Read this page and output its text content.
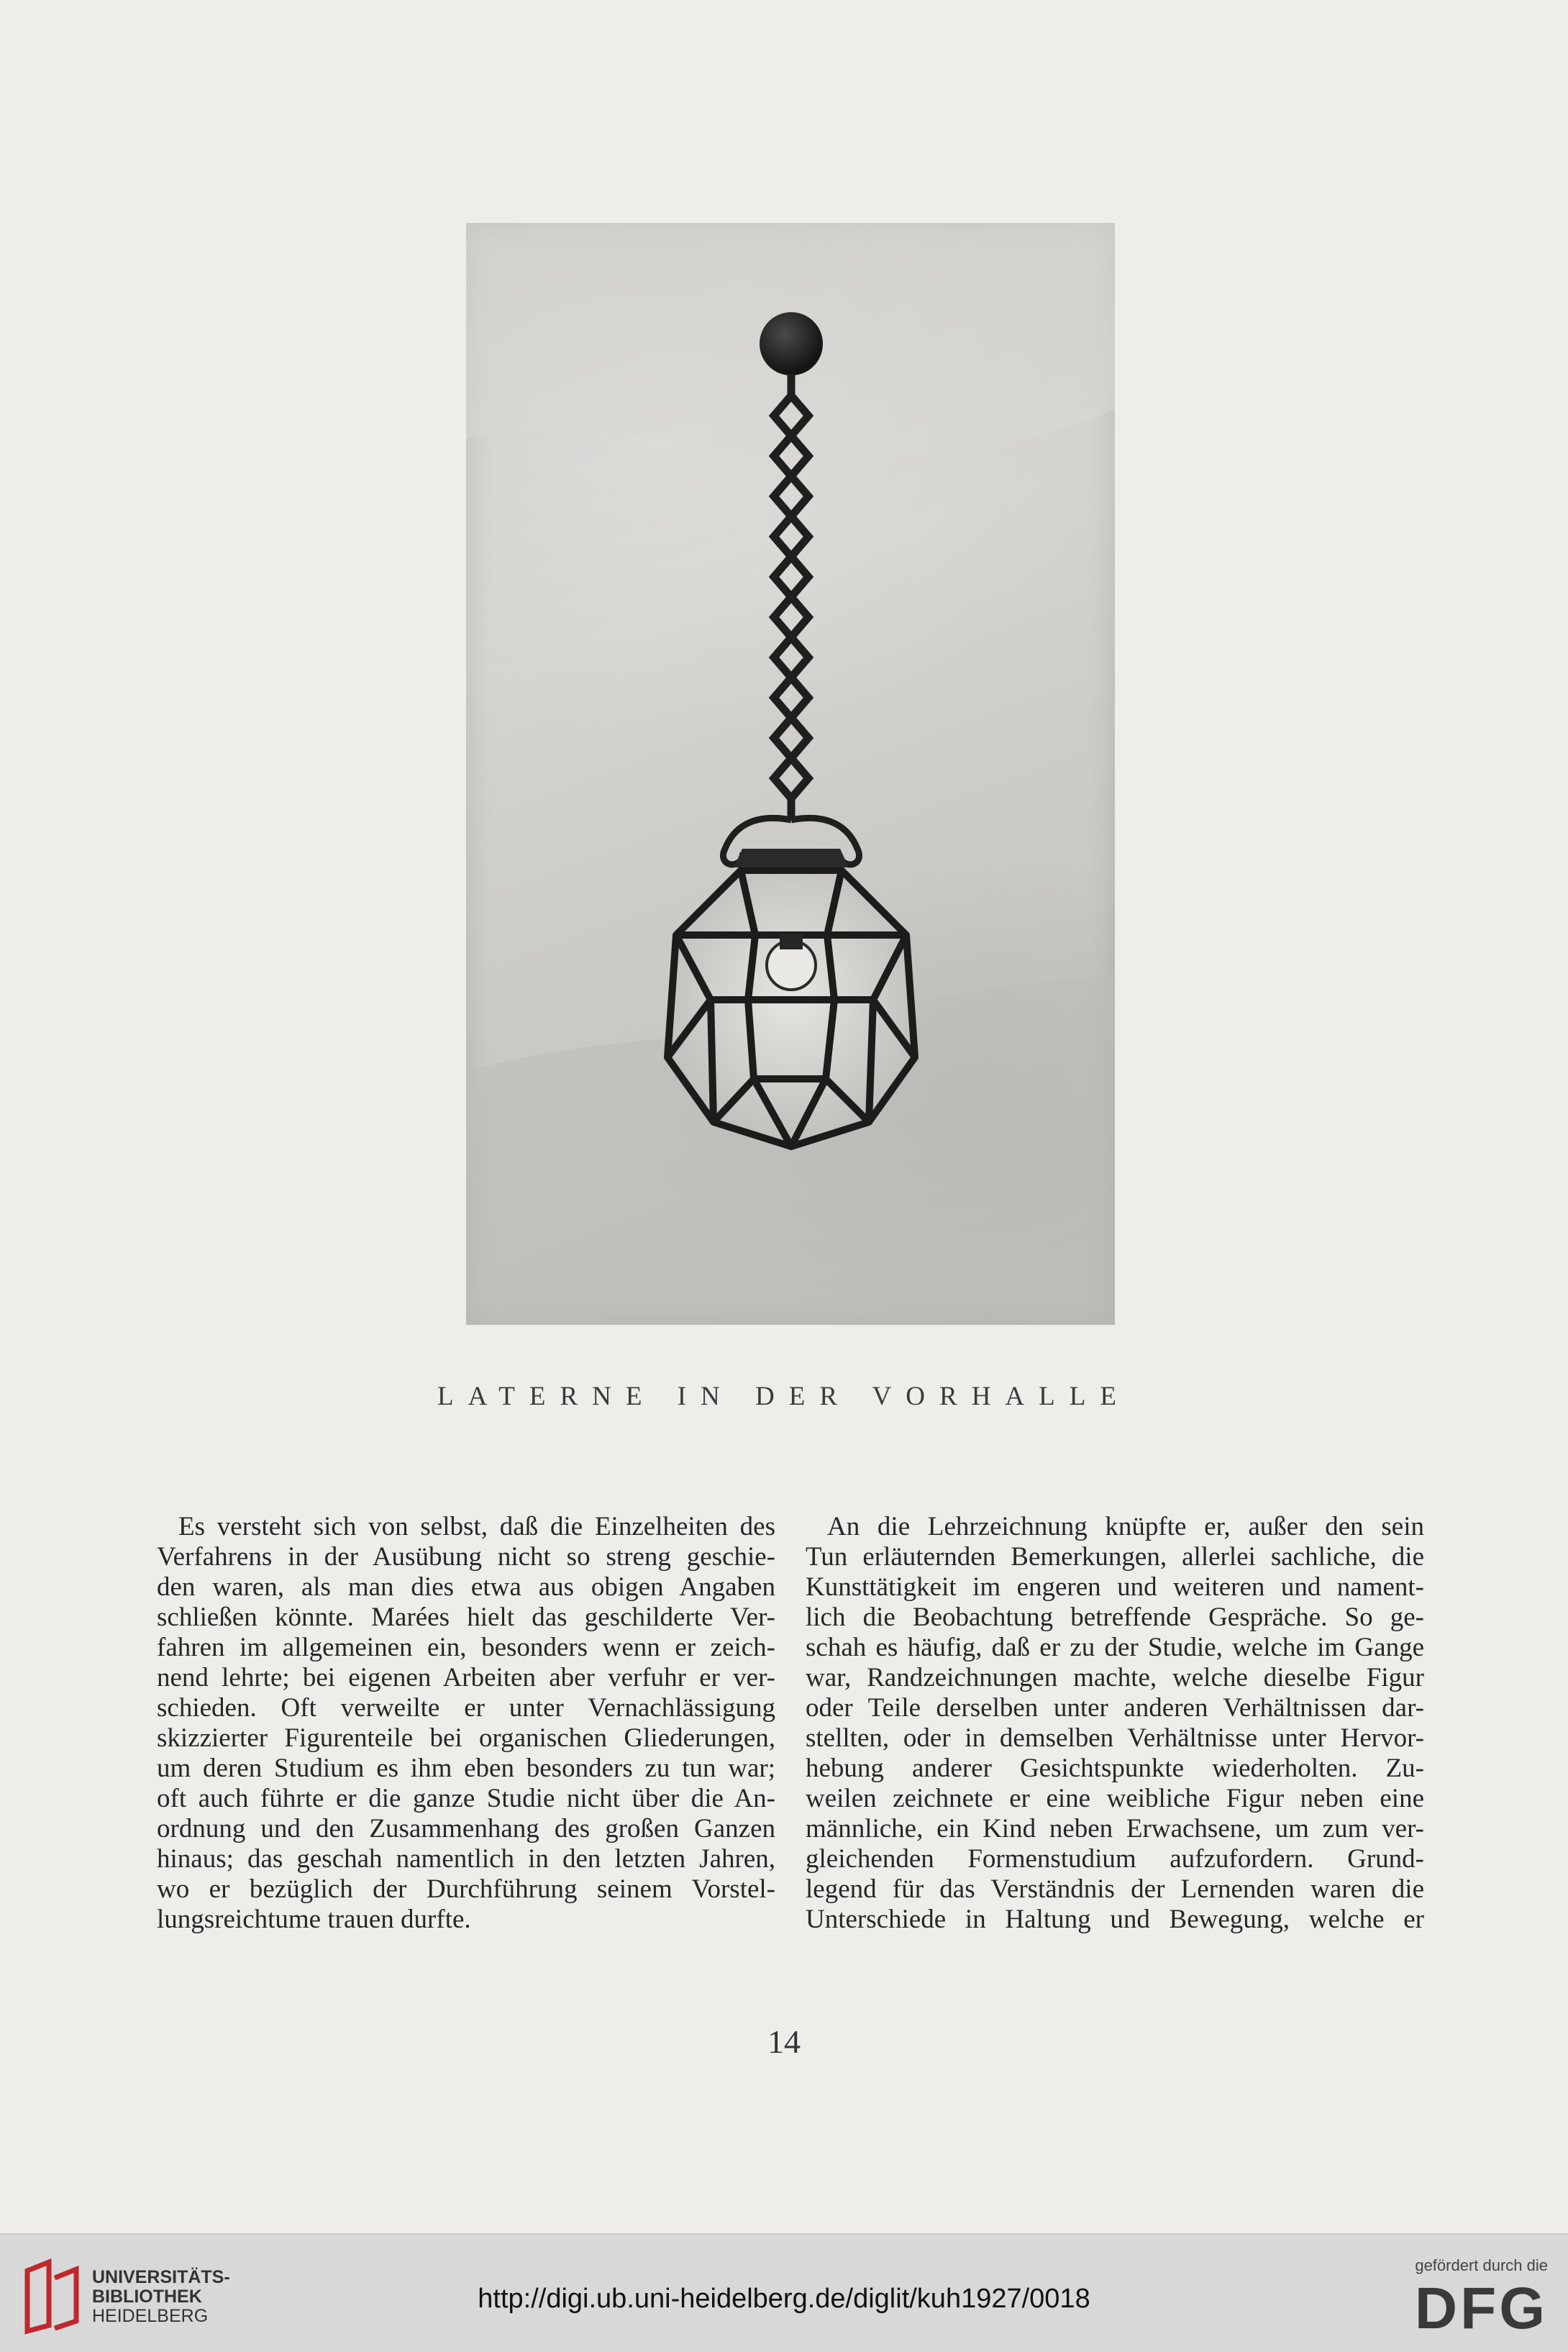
LATERNE IN DER VORHALLE
Es versteht sich von selbst, daß die Einzelheiten des
Verfahrens in der Ausübung nicht so streng geschie-
den waren, als man dies etwa aus obigen Angaben
schließen könnte. Marées hielt das geschilderte Ver-
fahren im allgemeinen ein, besonders wenn er zeich-
nend lehrte; bei eigenen Arbeiten aber verfuhr er ver-
schieden. Oft verweilte er unter Vernachlässigung
skizzierter Figurenteile bei organischen Gliederungen,
um deren Studium es ihm eben besonders zu tun war;
oft auch führte er die ganze Studie nicht über die An-
ordnung und den Zusammenhang des großen Ganzen
hinaus; das geschah namentlich in den letzten Jahren,
wo er bezüglich der Durchführung seinem Vorstel-
lungsreichtume trauen durfte.
An die Lehrzeichnung knüpfte er, außer den sein
Tun erläuternden Bemerkungen, allerlei sachliche, die
Kunsttätigkeit im engeren und weiteren und nament-
lich die Beobachtung betreffende Gespräche. So ge-
schah es häufig, daß er zu der Studie, welche im Gange
war, Randzeichnungen machte, welche dieselbe Figur
oder Teile derselben unter anderen Verhältnissen dar-
stellten, oder in demselben Verhältnisse unter Hervor-
hebung anderer Gesichtspunkte wiederholten. Zu-
weilen zeichnete er eine weibliche Figur neben eine
männliche, ein Kind neben Erwachsene, um zum ver-
gleichenden Formenstudium aufzufordern. Grund-
legend für das Verständnis der Lernenden waren die
Unterschiede in Haltung und Bewegung, welche er
14
UNIVERSITÄTS-
BIBLIOTHEK
HEIDELBERG
http://digi.ub.uni-heidelberg.de/diglit/kuh1927/0018
gefördert durch die
DFG
